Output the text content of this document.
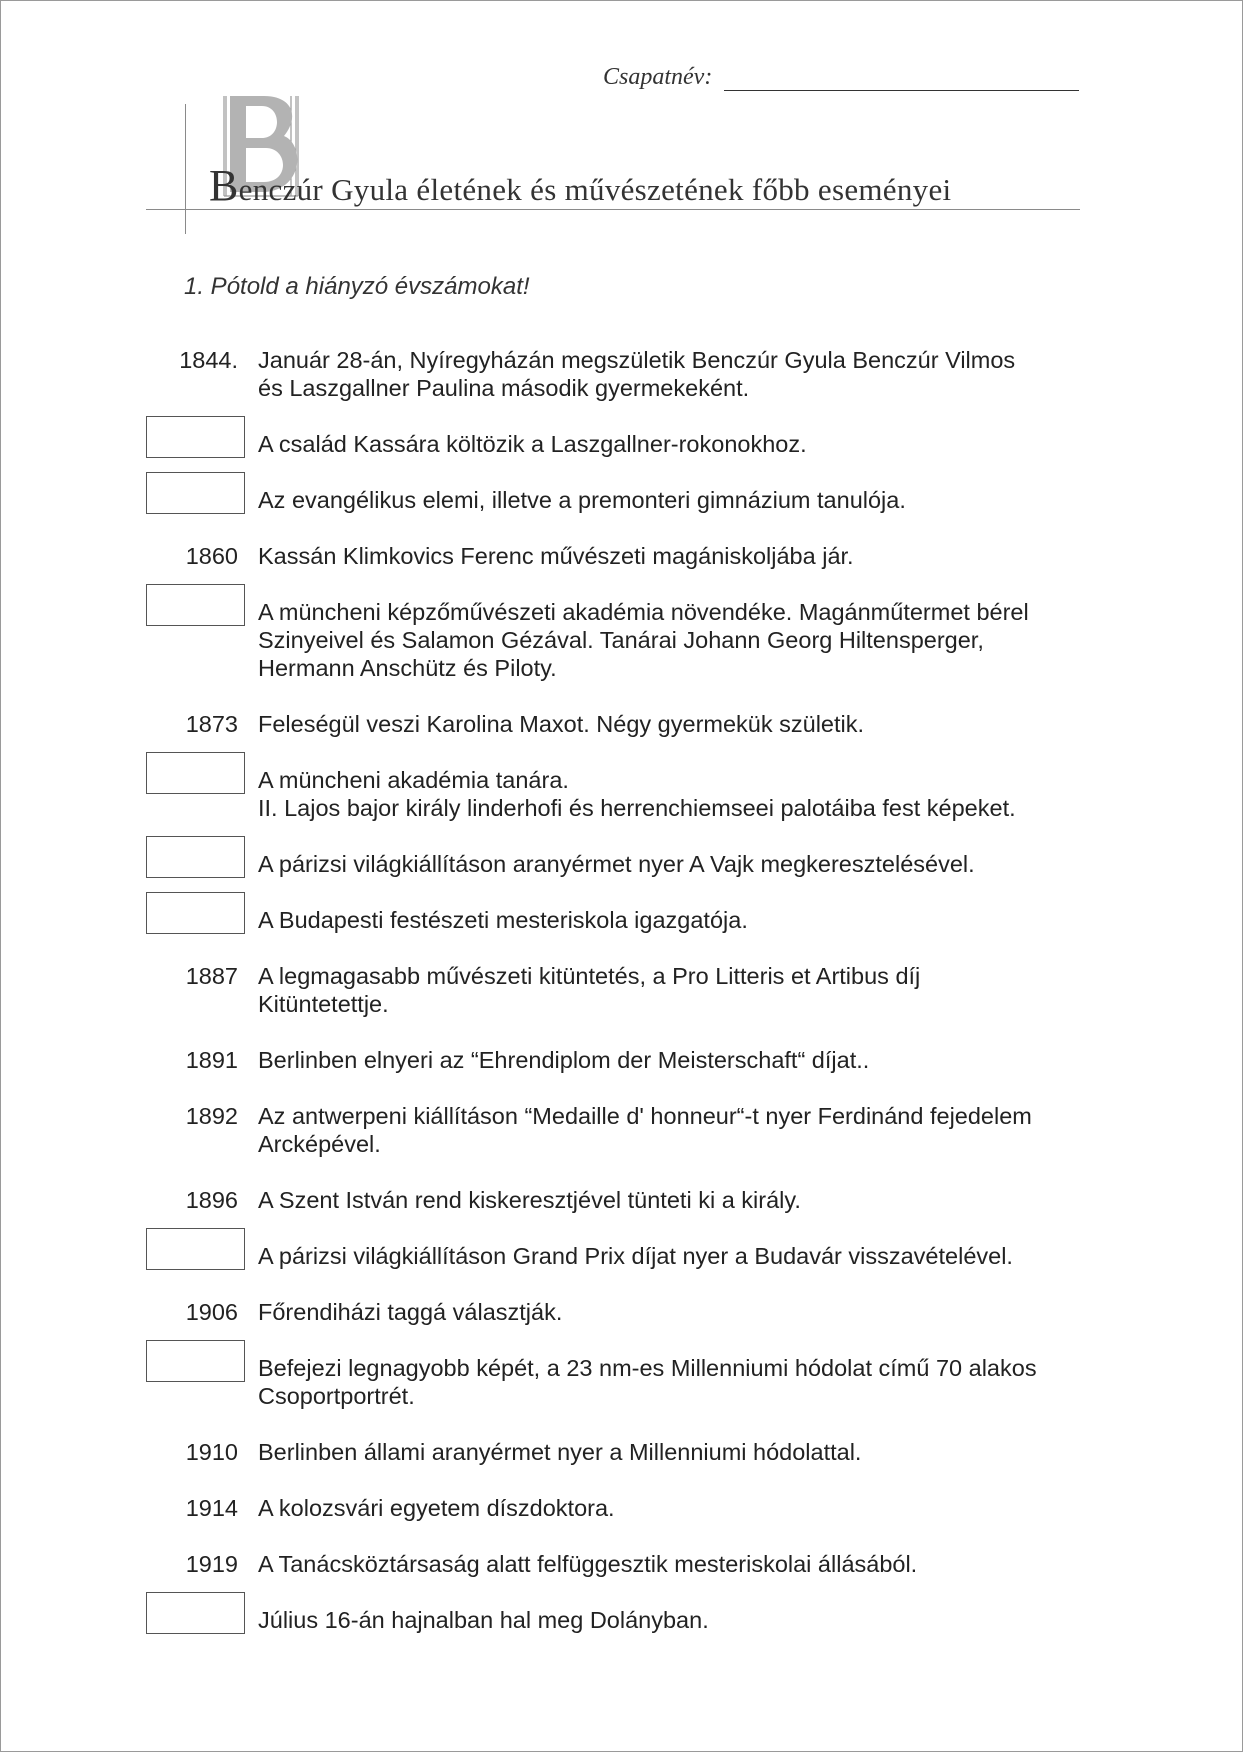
Csapatnév:
Benczúr Gyula életének és művészetének főbb eseményei
1. Pótold a hiányzó évszámokat!
1844. Január 28-án, Nyíregyházán megszületik Benczúr Gyula Benczúr Vilmos
és Laszgallner Paulina második gyermekeként.
A család Kassára költözik a Laszgallner-rokonokhoz.
Az evangélikus elemi, illetve a premonteri gimnázium tanulója.
1860 Kassán Klimkovics Ferenc művészeti magániskoljába jár.
A müncheni képzőművészeti akadémia növendéke. Magánműtermet bérel
Szinyeivel és Salamon Gézával. Tanárai Johann Georg Hiltensperger,
Hermann Anschütz és Piloty.
1873 Feleségül veszi Karolina Maxot. Négy gyermekük születik.
A müncheni akadémia tanára.
II. Lajos bajor király linderhofi és herrenchiemseei palotáiba fest képeket.
A párizsi világkiállításon aranyérmet nyer A Vajk megkeresztelésével.
A Budapesti festészeti mesteriskola igazgatója.
1887 A legmagasabb művészeti kitüntetés, a Pro Litteris et Artibus díj
Kitüntetettje.
1891 Berlinben elnyeri az “Ehrendiplom der Meisterschaft“ díjat..
1892 Az antwerpeni kiállításon “Medaille d' honneur“-t nyer Ferdinánd fejedelem
Arcképével.
1896 A Szent István rend kiskeresztjével tünteti ki a király.
A párizsi világkiállításon Grand Prix díjat nyer a Budavár visszavételével.
1906 Főrendiházi taggá választják.
Befejezi legnagyobb képét, a 23 nm-es Millenniumi hódolat című 70 alakos
Csoportportrét.
1910 Berlinben állami aranyérmet nyer a Millenniumi hódolattal.
1914 A kolozsvári egyetem díszdoktora.
1919 A Tanácsköztársaság alatt felfüggesztik mesteriskolai állásából.
Július 16-án hajnalban hal meg Dolányban.
